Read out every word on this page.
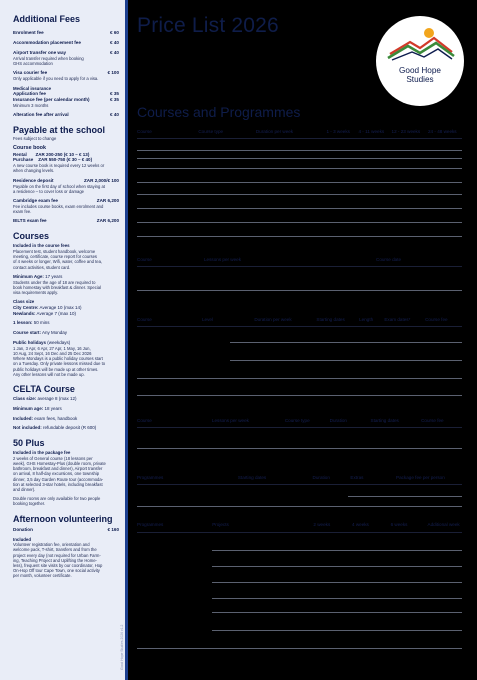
Additional Fees
Enrolment fee	€ 60
Accommodation placement fee	€ 40
Airport transfer one way	€ 40
Arrival transfer required when booking
GHS accommodation
Visa courier fee	€ 100
Only applicable if you need to apply for a visa.
Medical insurance
Application fee	€ 35
Insurance fee (per calendar month)	€ 35
Minimum 3 months
Alteration fee after arrival	€ 40
Payable at the school
Fees subject to change
Course book
Rental ZAR 200-250 (€ 10 – € 13)
Purchase ZAR 550-750 (€ 30 – € 40)
A new course book is required every 12 weeks or
when changing levels.
Residence deposit	ZAR 2,000/€ 100
Payable on the first day of school when staying at
a residence – to cover loss or damage
Cambridge exam fee	ZAR 6,200
Fee includes course books, exam enrolment and
exam fee.
IELTS exam fee	ZAR 6,200
Courses
Included in the course fees
Placement test, student handbook, welcome
meeting, certificate, course report for courses
of 4 weeks or longer, Wifi, water, coffee and tea,
contact activities, student card.
Minimum Age: 17 years
Students under the age of 18 are required to
book homestay with breakfast & dinner. Special
visa requirements apply.
Class size
City Centre: Average 10 (max 14)
Newlands: Average 7 (max 10)
1 lesson: 50 mins
Course start: Any Monday
Public holidays (weekdays)
1 Jan, 3 Apr, 6 Apr, 27 Apr, 1 May, 16 Jun,
10 Aug, 24 Sept, 16 Dec and 25 Dec 2026
Where Mondays is a public holiday courses start
on a Tuesday. Only private lessons missed due to
public holidays will be made up at other times.
Any other lessons will not be made up.
CELTA Course
Class size: average 8 (max 12)
Minimum age: 18 years
Included: exam fees, handbook
Not included: refundable deposit (R 600)
50 Plus
Included in the package fee
2 weeks of General course (18 lessons per
week), GHS Homestay-Plus (double room, private
bathroom, breakfast and dinner), Airport transfer
on arrival, 8 half-day excursions, one township
dinner, 3,5 day Garden Route tour (accommoda-
tion at selected 3-star hotels, including breakfast
and dinner).
Double rooms are only available for two people
booking together.
Afternoon volunteering
Donation	€ 160
Included
Volunteer registration fee, orientation and
welcome pack, T-shirt, transfers and from the
project every day (not required for Urban Farm-
ing, Teaching Project and Uplifting the Home-
less), frequent site visits by our coordinator, Hop
On-Hop Off tour Cape Town, one social activity
per month, volunteer certificate.
Good Hope Studies 2026 v1.2
Price List 2026
Good Hope
Studies
Courses and Programmes
Course	Course type	Duration per week	1 - 3 weeks	4 - 11 weeks	12 - 23 weeks	24 - 48 weeks
Course	Lessons per week	Course date
Course	Level	Duration per week	Starting dates	Length	Exam dates*	Course fee
Course	Lessons per week	Course type	Duration	Starting dates	Course fee
Programmes	Starting dates	Duration	Extras	Package fee per person
Programmes	Projects	2 weeks	4 weeks	6 weeks	Additional week
